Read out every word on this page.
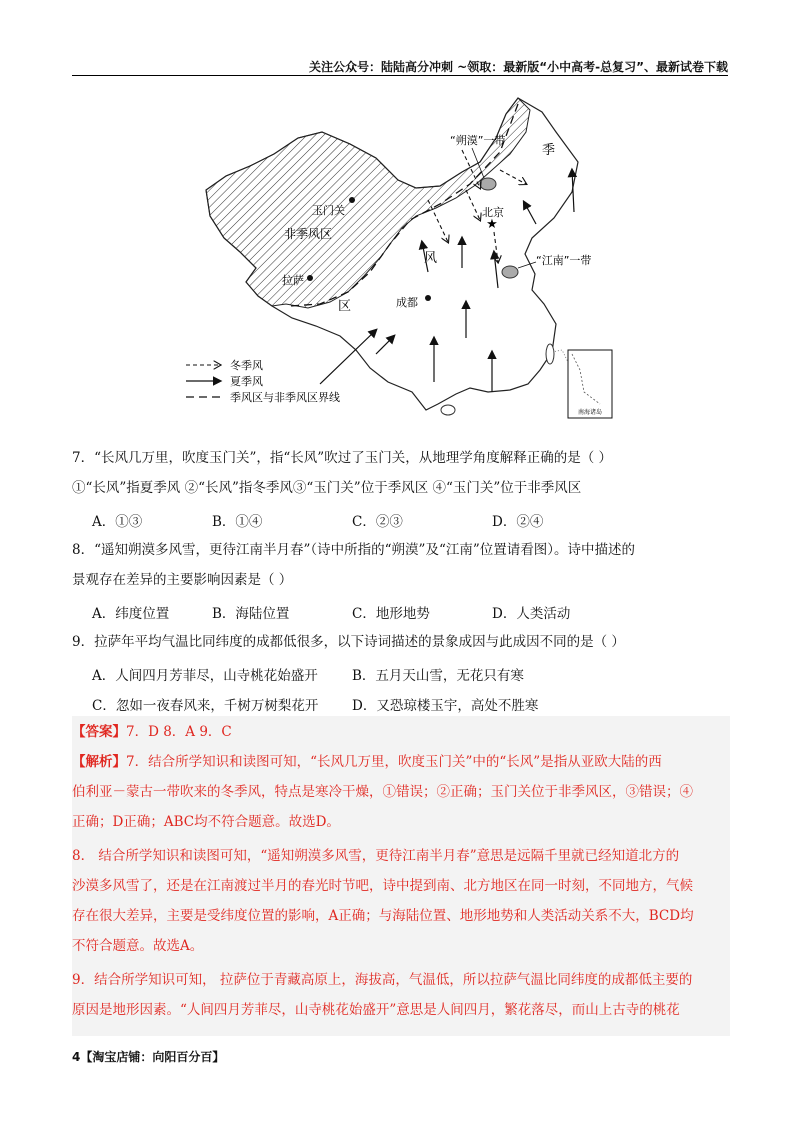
关注公众号：陆陆高分冲刺 ~领取：最新版“小中高考-总复习”、最新试卷下载
南海诸岛
★
“朔漠”一带
季
玉门关	北京
非季风区
风	“江南”一带
拉萨
成都
区
冬季风
夏季风
季风区与非季风区界线
7．“长风几万里，吹度玉门关”，指“长风”吹过了玉门关，从地理学角度解释正确的是（ ）
①“长风”指夏季风 ②“长风”指冬季风③“玉门关”位于季风区 ④“玉门关”位于非季风区
A．①③	B．①④	C．②③	D．②④
8．“遥知朔漠多风雪，更待江南半月春”（诗中所指的“朔漠”及“江南”位置请看图）。诗中描述的
景观存在差异的主要影响因素是（ ）
A．纬度位置	B．海陆位置	C．地形地势	D．人类活动
9．拉萨年平均气温比同纬度的成都低很多，以下诗词描述的景象成因与此成因不同的是（ ）
A．人间四月芳菲尽，山寺桃花始盛开	B．五月天山雪，无花只有寒
C．忽如一夜春风来，千树万树梨花开 D．又恐琼楼玉宇，高处不胜寒
【答案】7．D 8．A 9．C
【解析】7．结合所学知识和读图可知，“长风几万里，吹度玉门关”中的“长风”是指从亚欧大陆的西
伯利亚－蒙古一带吹来的冬季风，特点是寒冷干燥，①错误；②正确；玉门关位于非季风区，③错误；④
正确；D正确；ABC均不符合题意。故选D。
8． 结合所学知识和读图可知，“遥知朔漠多风雪，更待江南半月春”意思是远隔千里就已经知道北方的
沙漠多风雪了，还是在江南渡过半月的春光时节吧，诗中提到南、北方地区在同一时刻，不同地方，气候
存在很大差异，主要是受纬度位置的影响，A正确；与海陆位置、地形地势和人类活动关系不大，BCD均
不符合题意。故选A。
9．结合所学知识可知， 拉萨位于青藏高原上，海拔高，气温低，所以拉萨气温比同纬度的成都低主要的
原因是地形因素。“人间四月芳菲尽，山寺桃花始盛开”意思是人间四月，繁花落尽，而山上古寺的桃花
4【淘宝店铺：向阳百分百】
